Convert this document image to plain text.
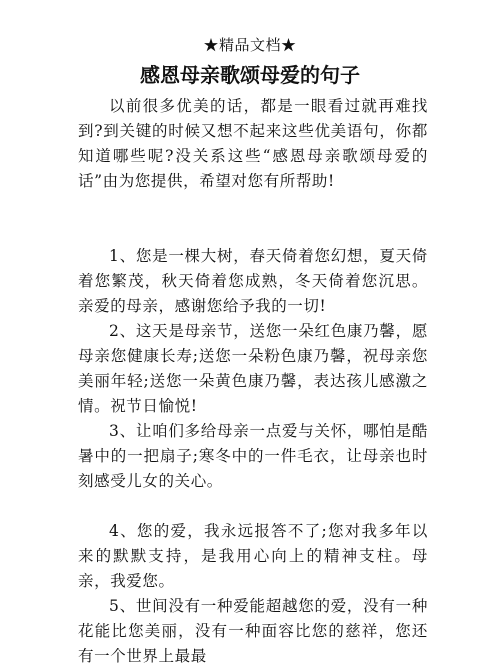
★精品文档★
感恩母亲歌颂母爱的句子

以前很多优美的话，都是一眼看过就再难找到?到关键的时候又想不起来这些优美语句，你都知道哪些呢?没关系这些“感恩母亲歌颂母爱的话”由为您提供，希望对您有所帮助!

1、您是一棵大树，春天倚着您幻想，夏天倚着您繁茂，秋天倚着您成熟，冬天倚着您沉思。亲爱的母亲，感谢您给予我的一切!

2、这天是母亲节，送您一朵红色康乃馨，愿母亲您健康长寿;送您一朵粉色康乃馨，祝母亲您美丽年轻;送您一朵黄色康乃馨，表达孩儿感激之情。祝节日愉悦!

3、让咱们多给母亲一点爱与关怀，哪怕是酷暑中的一把扇子;寒冬中的一件毛衣，让母亲也时刻感受儿女的关心。

4、您的爱，我永远报答不了;您对我多年以来的默默支持，是我用心向上的精神支柱。母亲，我爱您。

5、世间没有一种爱能超越您的爱，没有一种花能比您美丽，没有一种面容比您的慈祥，您还有一个世界上最最
